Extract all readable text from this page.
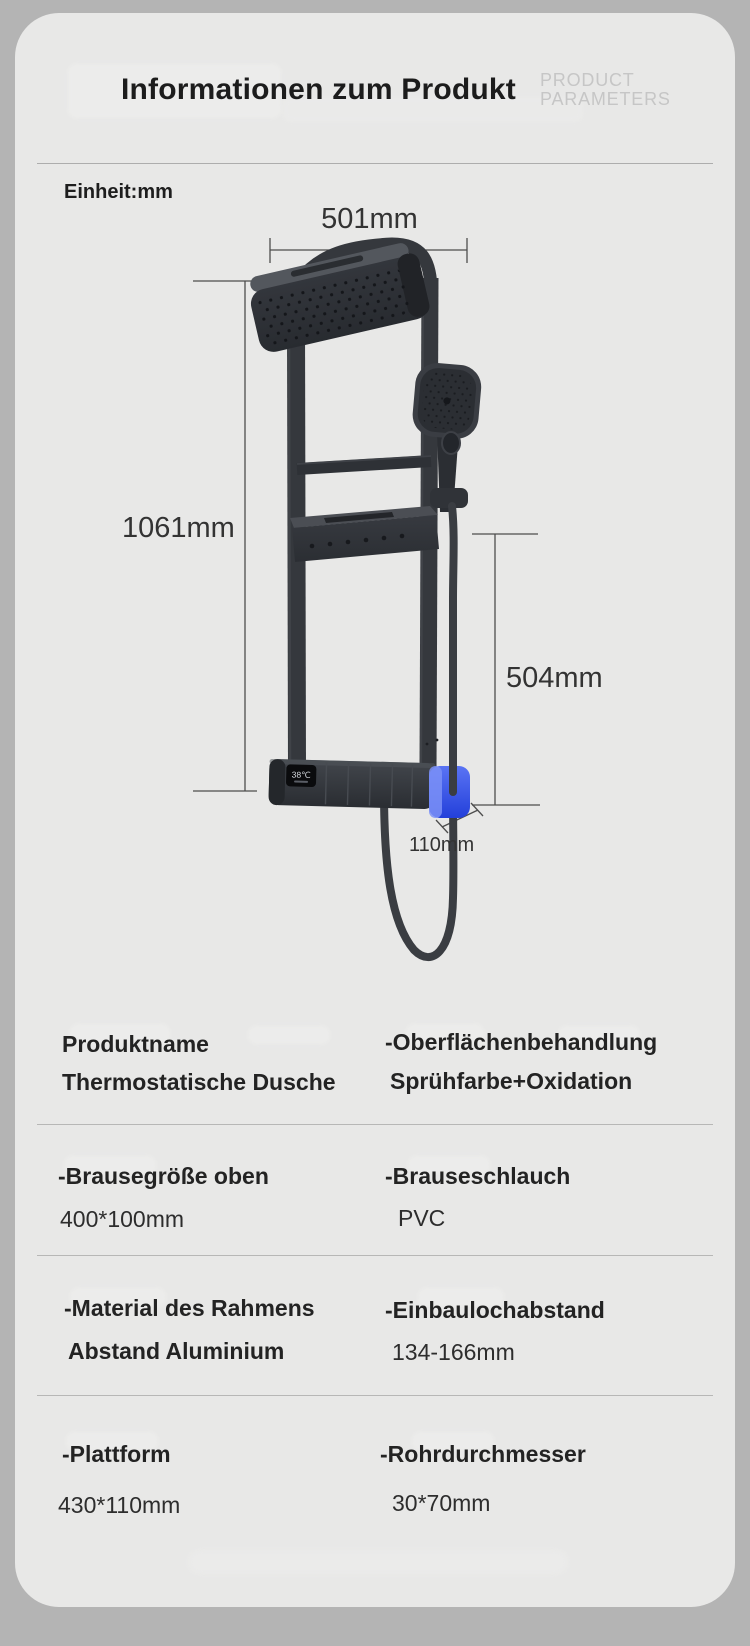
Informationen zum Produkt PRODUCT
PARAMETERS
Einheit:mm
38℃
501mm
1061mm
504mm
110mm
Produktname
Thermostatische Dusche
-Oberflächenbehandlung
Sprühfarbe+Oxidation
-Brausegröße oben
400*100mm
-Brauseschlauch
PVC
-Material des Rahmens
Abstand Aluminium
-Einbaulochabstand
134-166mm
-Plattform
430*110mm
-Rohrdurchmesser
30*70mm
